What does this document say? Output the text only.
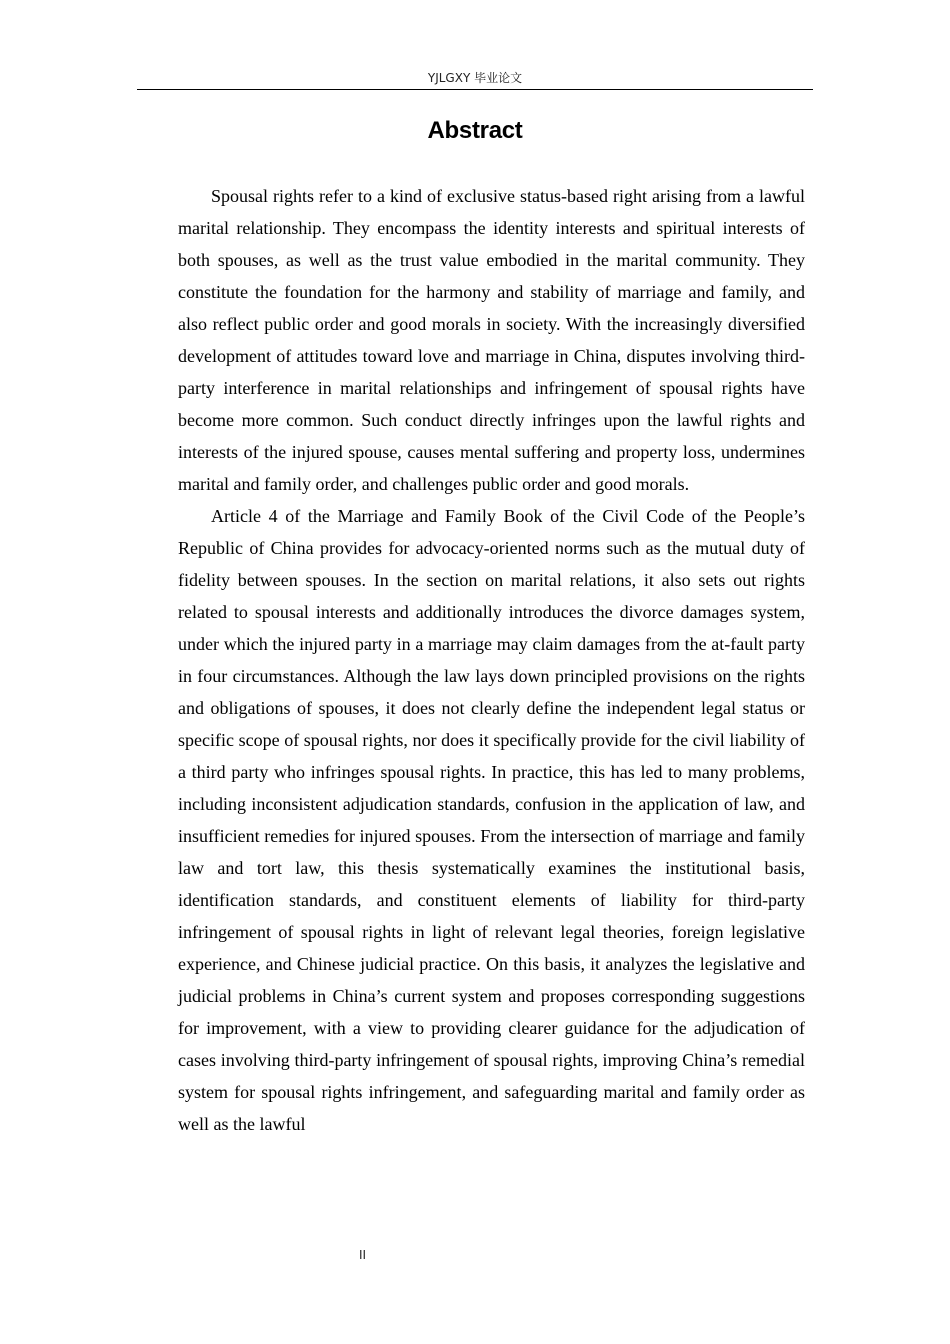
YJLGXY 毕业论文
Abstract

Spousal rights refer to a kind of exclusive status-based right arising from a lawful marital relationship. They encompass the identity interests and spiritual interests of both spouses, as well as the trust value embodied in the marital community. They constitute the foundation for the harmony and stability of marriage and family, and also reflect public order and good morals in society. With the increasingly diversified development of attitudes toward love and marriage in China, disputes involving third-party interference in marital relationships and infringement of spousal rights have become more common. Such conduct directly infringes upon the lawful rights and interests of the injured spouse, causes mental suffering and property loss, undermines marital and family order, and challenges public order and good morals.

Article 4 of the Marriage and Family Book of the Civil Code of the People’s Republic of China provides for advocacy-oriented norms such as the mutual duty of fidelity between spouses. In the section on marital relations, it also sets out rights related to spousal interests and additionally introduces the divorce damages system, under which the injured party in a marriage may claim damages from the at-fault party in four circumstances. Although the law lays down principled provisions on the rights and obligations of spouses, it does not clearly define the independent legal status or specific scope of spousal rights, nor does it specifically provide for the civil liability of a third party who infringes spousal rights. In practice, this has led to many problems, including inconsistent adjudication standards, confusion in the application of law, and insufficient remedies for injured spouses. From the intersection of marriage and family law and tort law, this thesis systematically examines the institutional basis, identification standards, and constituent elements of liability for third-party infringement of spousal rights in light of relevant legal theories, foreign legislative experience, and Chinese judicial practice. On this basis, it analyzes the legislative and judicial problems in China’s current system and proposes corresponding suggestions for improvement, with a view to providing clearer guidance for the adjudication of cases involving third-party infringement of spousal rights, improving China’s remedial system for spousal rights infringement, and safeguarding marital and family order as well as the lawful

II
